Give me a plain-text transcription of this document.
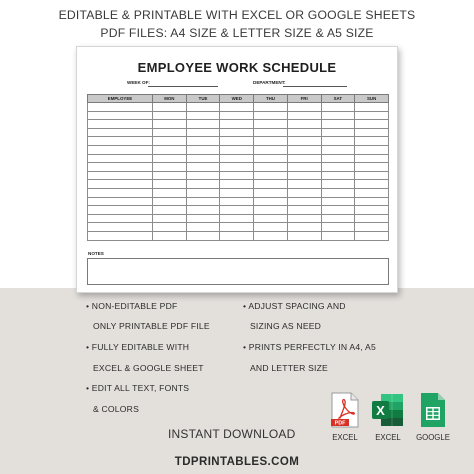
EDITABLE & PRINTABLE WITH EXCEL OR GOOGLE SHEETS
PDF FILES: A4 SIZE & LETTER SIZE & A5 SIZE
EMPLOYEE WORK SCHEDULE
WEEK OF:	DEPARTMENT:
EMPLOYEE	MON	TUE	WED	THU	FRI	SAT	SUN

NOTES
• NON-EDITABLE PDF
ONLY PRINTABLE PDF FILE
• FULLY EDITABLE WITH
EXCEL & GOOGLE SHEET
• EDIT ALL TEXT, FONTS
& COLORS
• ADJUST SPACING AND
SIZING AS NEED
• PRINTS PERFECTLY IN A4, A5
AND LETTER SIZE
INSTANT DOWNLOAD
PDF
EXCEL
X
EXCEL	GOOGLE
TDPRINTABLES.COM
